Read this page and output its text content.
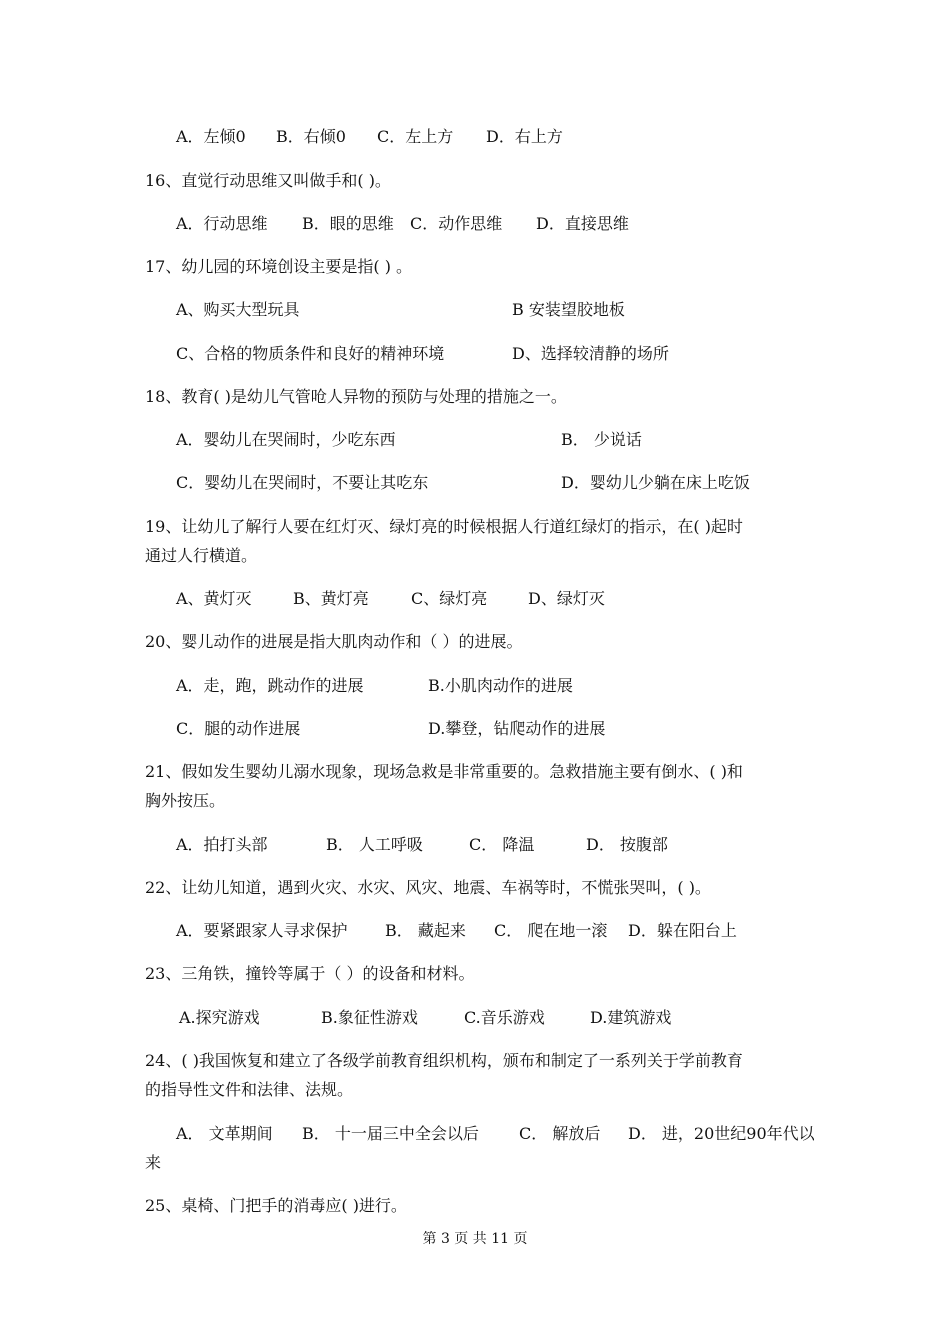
A．左倾0 B．右倾0 C．左上方 D．右上方
16、直觉行动思维又叫做手和( )。
A．行动思维 B．眼的思维 C．动作思维 D．直接思维
17、幼儿园的环境创设主要是指( ) 。
A、购买大型玩具	B 安装望胶地板
C、合格的物质条件和良好的精神环境	D、选择较清静的场所
18、教育( )是幼儿气管呛人异物的预防与处理的措施之一。
A．婴幼儿在哭闹时，少吃东西	B． 少说话
C．婴幼儿在哭闹时，不要让其吃东	D．婴幼儿少躺在床上吃饭
19、让幼儿了解行人要在红灯灭、绿灯亮的时候根据人行道红绿灯的指示，在( )起时
通过人行横道。
A、黄灯灭	B、黄灯亮	C、绿灯亮	D、绿灯灭
20、婴儿动作的进展是指大肌肉动作和（ ）的进展。
A．走，跑，跳动作的进展	B.小肌肉动作的进展
C．腿的动作进展	D.攀登，钻爬动作的进展
21、假如发生婴幼儿溺水现象，现场急救是非常重要的。急救措施主要有倒水、( )和
胸外按压。
A．拍打头部	B． 人工呼吸	C． 降温	D． 按腹部
22、让幼儿知道，遇到火灾、水灾、风灾、地震、车祸等时，不慌张哭叫，( )。
A．要紧跟家人寻求保护 B． 藏起来 C． 爬在地一滚 D．躲在阳台上
23、三角铁，撞铃等属于（ ）的设备和材料。
A.探究游戏	B.象征性游戏	C.音乐游戏	D.建筑游戏
24、( )我国恢复和建立了各级学前教育组织机构，颁布和制定了一系列关于学前教育
的指导性文件和法律、法规。
A． 文革期间 B． 十一届三中全会以后	C． 解放后 D． 进，20世纪90年代以
来
25、桌椅、门把手的消毒应( )进行。
第 3 页 共 11 页
